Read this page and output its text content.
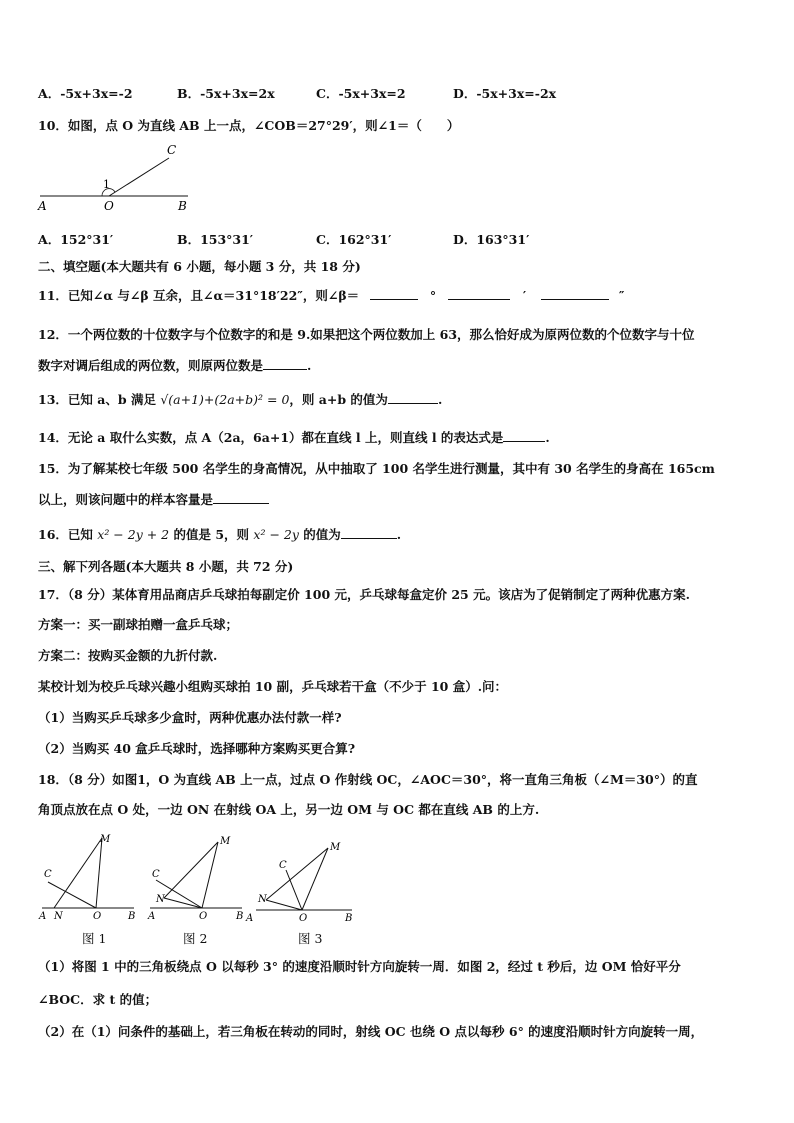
A．-5x+3x=-2	B．-5x+3x=2x	C．-5x+3x=2	D．-5x+3x=-2x
10．如图，点 O 为直线 AB 上一点，∠COB＝27°29′，则∠1＝（　　）
C
1
A	O	B
A．152°31′	B．153°31′	C．162°31′	D．163°31′
二、填空题(本大题共有 6 小题，每小题 3 分，共 18 分)
11．已知∠α 与∠β 互余，且∠α＝31°18′22″，则∠β＝	°	′	″
12．一个两位数的十位数字与个位数字的和是 9.如果把这个两位数加上 63，那么恰好成为原两位数的个位数字与十位
数字对调后组成的两位数，则原两位数是	.
13．已知 a、b 满足 √(a+1)+(2a+b)² = 0，则 a+b 的值为	.
14．无论 a 取什么实数，点 A（2a，6a+1）都在直线 l 上，则直线 l 的表达式是	.
15．为了解某校七年级 500 名学生的身高情况，从中抽取了 100 名学生进行测量，其中有 30 名学生的身高在 165cm
以上，则该问题中的样本容量是
16．已知 x² − 2y + 2 的值是 5，则 x² − 2y 的值为	.
三、解下列各题(本大题共 8 小题，共 72 分)
17．（8 分）某体育用品商店乒乓球拍每副定价 100 元，乒乓球每盒定价 25 元。该店为了促销制定了两种优惠方案.
方案一：买一副球拍赠一盒乒乓球；
方案二：按购买金额的九折付款.
某校计划为校乒乓球兴趣小组购买球拍 10 副，乒乓球若干盒（不少于 10 盒）.问：
（1）当购买乒乓球多少盒时，两种优惠办法付款一样?
（2）当购买 40 盒乒乓球时，选择哪种方案购买更合算?
18．（8 分）如图1，O 为直线 AB 上一点，过点 O 作射线 OC，∠AOC＝30°，将一直角三角板（∠M＝30°）的直
角顶点放在点 O 处，一边 ON 在射线 OA 上，另一边 OM 与 OC 都在直线 AB 的上方.
M
C
A N	O	B
M
C
N
A	O	B
M
C
N
A	O	B
图 1	图 2	图 3
（1）将图 1 中的三角板绕点 O 以每秒 3° 的速度沿顺时针方向旋转一周．如图 2，经过 t 秒后，边 OM 恰好平分
∠BOC．求 t 的值；
（2）在（1）问条件的基础上，若三角板在转动的同时，射线 OC 也绕 O 点以每秒 6° 的速度沿顺时针方向旋转一周，
